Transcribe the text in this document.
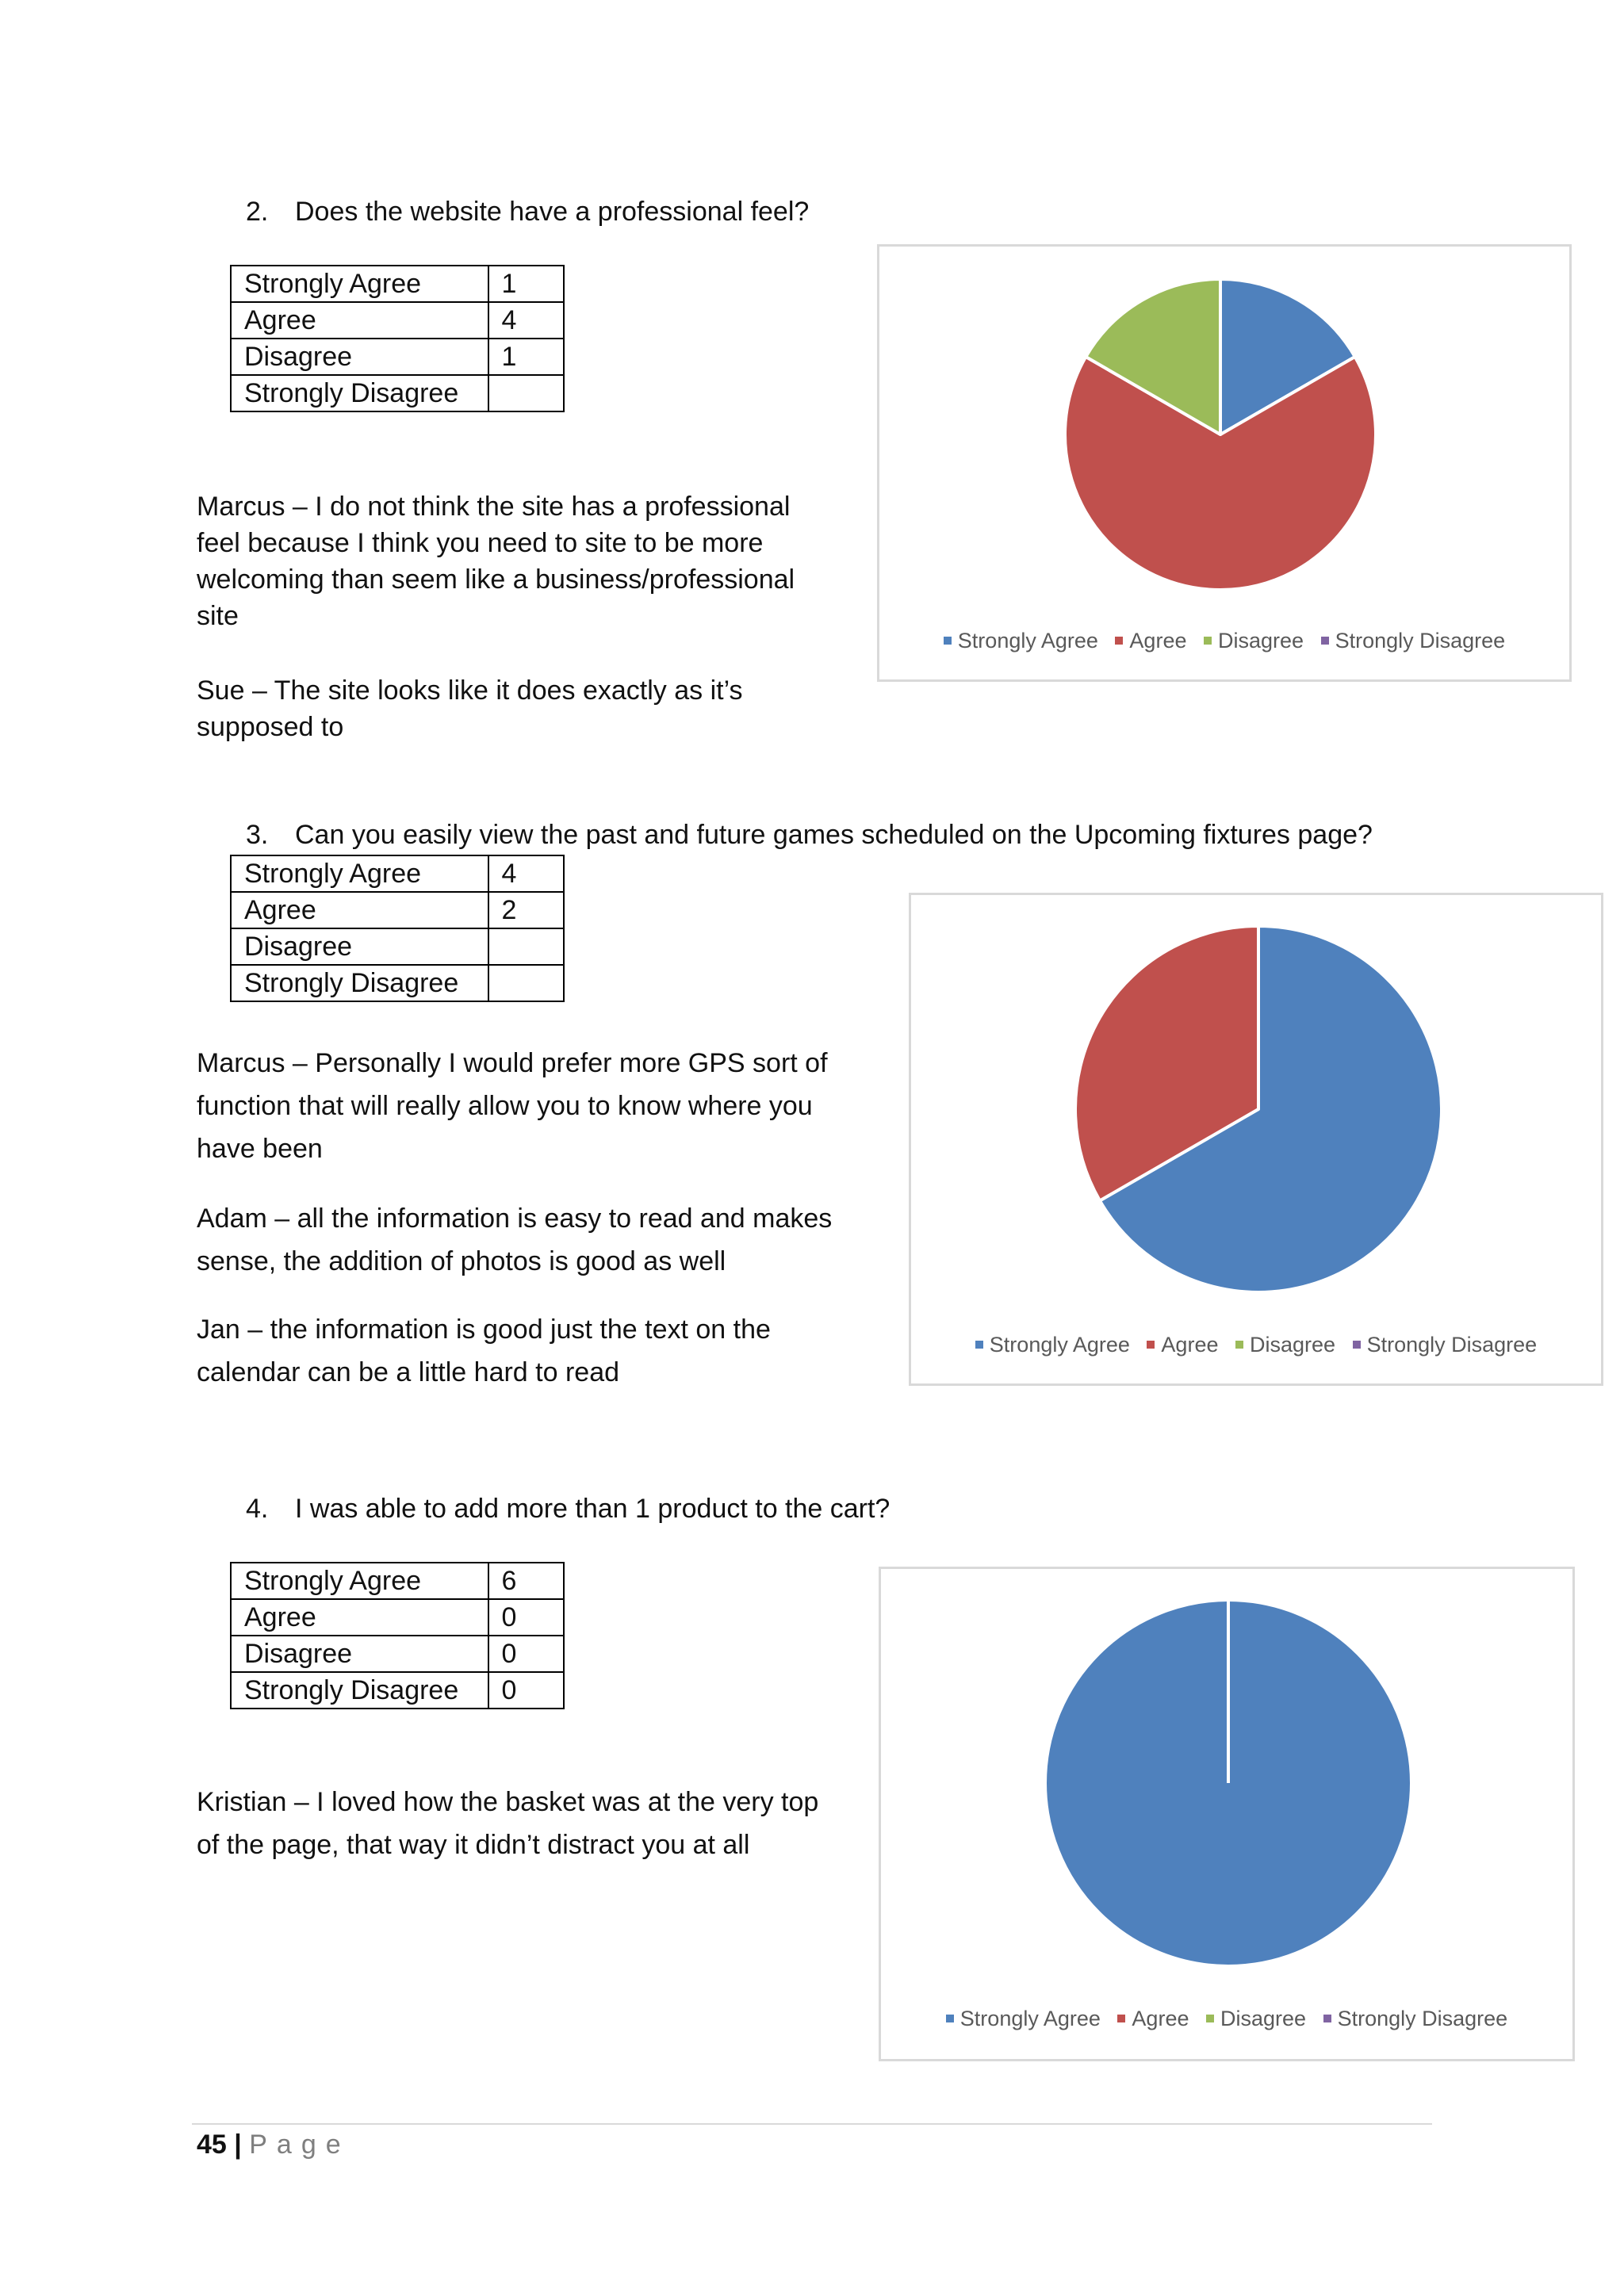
2. Does the website have a professional feel?
Strongly Agree	1
Agree	4
Disagree	1
Strongly Disagree	
Marcus – I do not think the site has a professional
feel because I think you need to site to be more
welcoming than seem like a business/professional
site
Sue – The site looks like it does exactly as it’s
supposed to
Strongly Agree Agree Disagree Strongly Disagree
3. Can you easily view the past and future games scheduled on the Upcoming fixtures page?
Strongly Agree	4
Agree	2
Disagree	
Strongly Disagree	
Marcus – Personally I would prefer more GPS sort of
function that will really allow you to know where you
have been
Adam – all the information is easy to read and makes
sense, the addition of photos is good as well
Jan – the information is good just the text on the
calendar can be a little hard to read
Strongly Agree Agree Disagree Strongly Disagree
4. I was able to add more than 1 product to the cart?
Strongly Agree	6
Agree	0
Disagree	0
Strongly Disagree	0
Kristian – I loved how the basket was at the very top
of the page, that way it didn’t distract you at all
Strongly Agree Agree Disagree Strongly Disagree
45 | Page
